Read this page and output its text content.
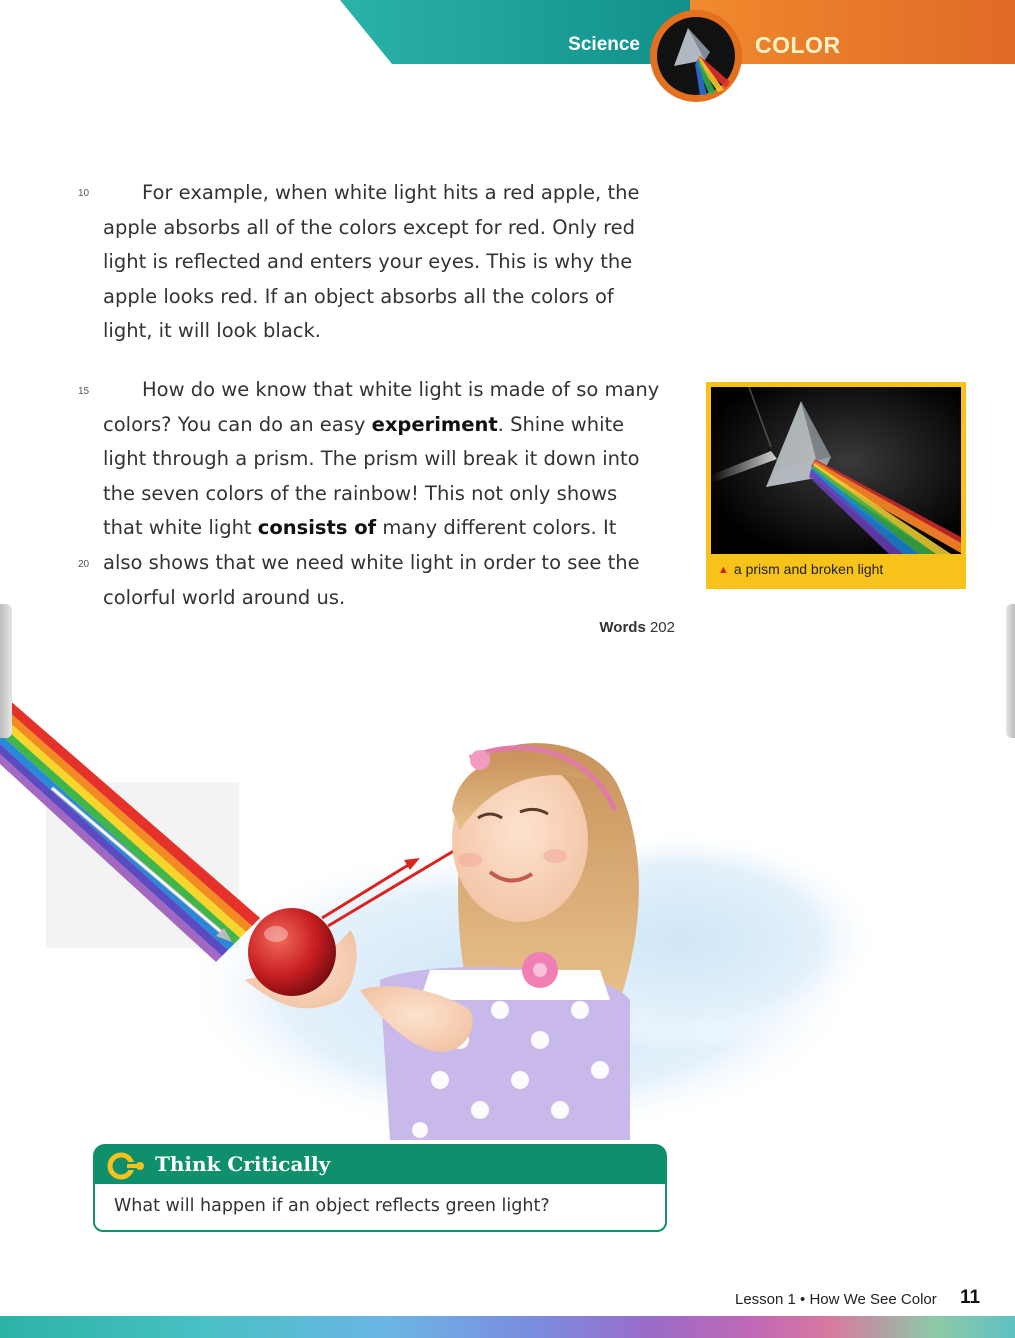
Science	COLOR
10	For example, when white light hits a red apple, the
apple absorbs all of the colors except for red. Only red
light is reflected and enters your eyes. This is why the
apple looks red. If an object absorbs all the colors of
light, it will look black.
15
20
How do we know that white light is made of so many
colors? You can do an easy experiment. Shine white
light through a prism. The prism will break it down into
the seven colors of the rainbow! This not only shows
that white light consists of many different colors. It
also shows that we need white light in order to see the
colorful world around us.
Words 202
▲ a prism and broken light
Think Critically
What will happen if an object reflects green light?
Lesson 1 • How We See Color 11
